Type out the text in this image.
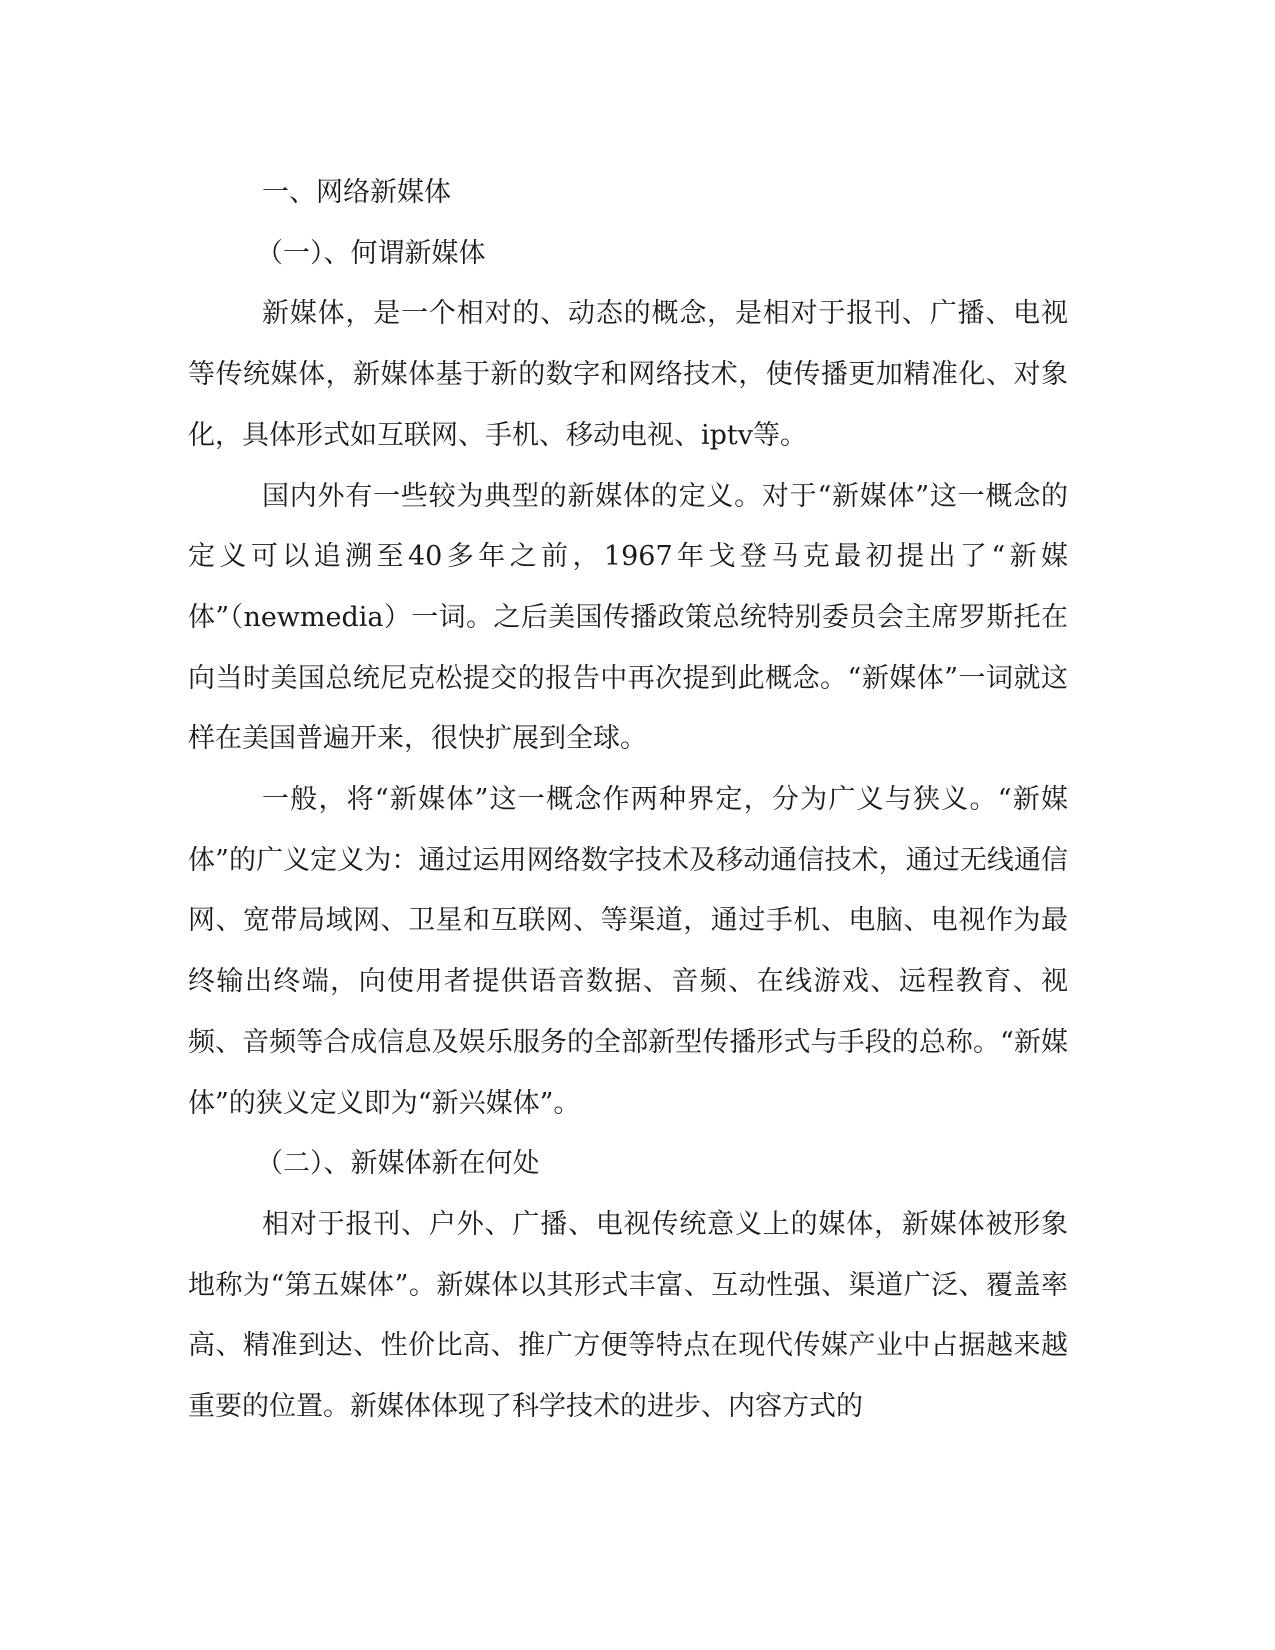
一、网络新媒体

（一）、何谓新媒体

新媒体，是一个相对的、动态的概念，是相对于报刊、广播、电视等传统媒体，新媒体基于新的数字和网络技术，使传播更加精准化、对象化，具体形式如互联网、手机、移动电视、iptv等。

国内外有一些较为典型的新媒体的定义。对于“新媒体”这一概念的定义可以追溯至40多年之前，1967年戈登马克最初提出了“新媒体”（newmedia）一词。之后美国传播政策总统特别委员会主席罗斯托在向当时美国总统尼克松提交的报告中再次提到此概念。“新媒体”一词就这样在美国普遍开来，很快扩展到全球。

一般，将“新媒体”这一概念作两种界定，分为广义与狭义。“新媒体”的广义定义为：通过运用网络数字技术及移动通信技术，通过无线通信网、宽带局域网、卫星和互联网、等渠道，通过手机、电脑、电视作为最终输出终端，向使用者提供语音数据、音频、在线游戏、远程教育、视频、音频等合成信息及娱乐服务的全部新型传播形式与手段的总称。“新媒体”的狭义定义即为“新兴媒体”。

（二）、新媒体新在何处

相对于报刊、户外、广播、电视传统意义上的媒体，新媒体被形象地称为“第五媒体”。新媒体以其形式丰富、互动性强、渠道广泛、覆盖率高、精准到达、性价比高、推广方便等特点在现代传媒产业中占据越来越重要的位置。新媒体体现了科学技术的进步、内容方式的
